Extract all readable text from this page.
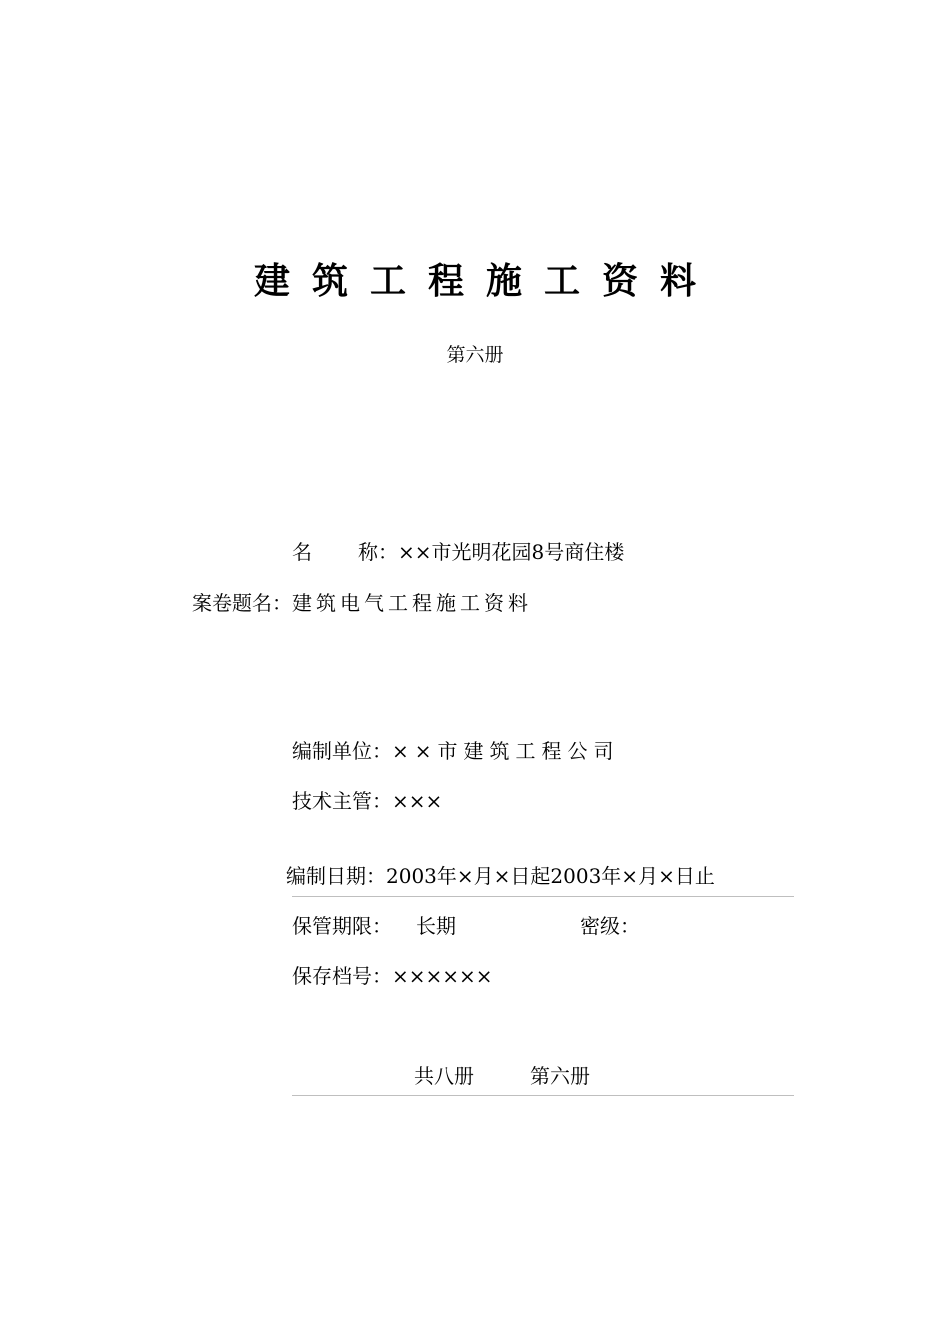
建筑工程施工资料
第六册
名 称：××市光明花园8号商住楼
案卷题名：建筑电气工程施工资料
编制单位：××市建筑工程公司
技术主管：×××
编制日期：2003年×月×日起2003年×月×日止
保管期限： 长期	密级：
保存档号：××××××
共八册	第六册
